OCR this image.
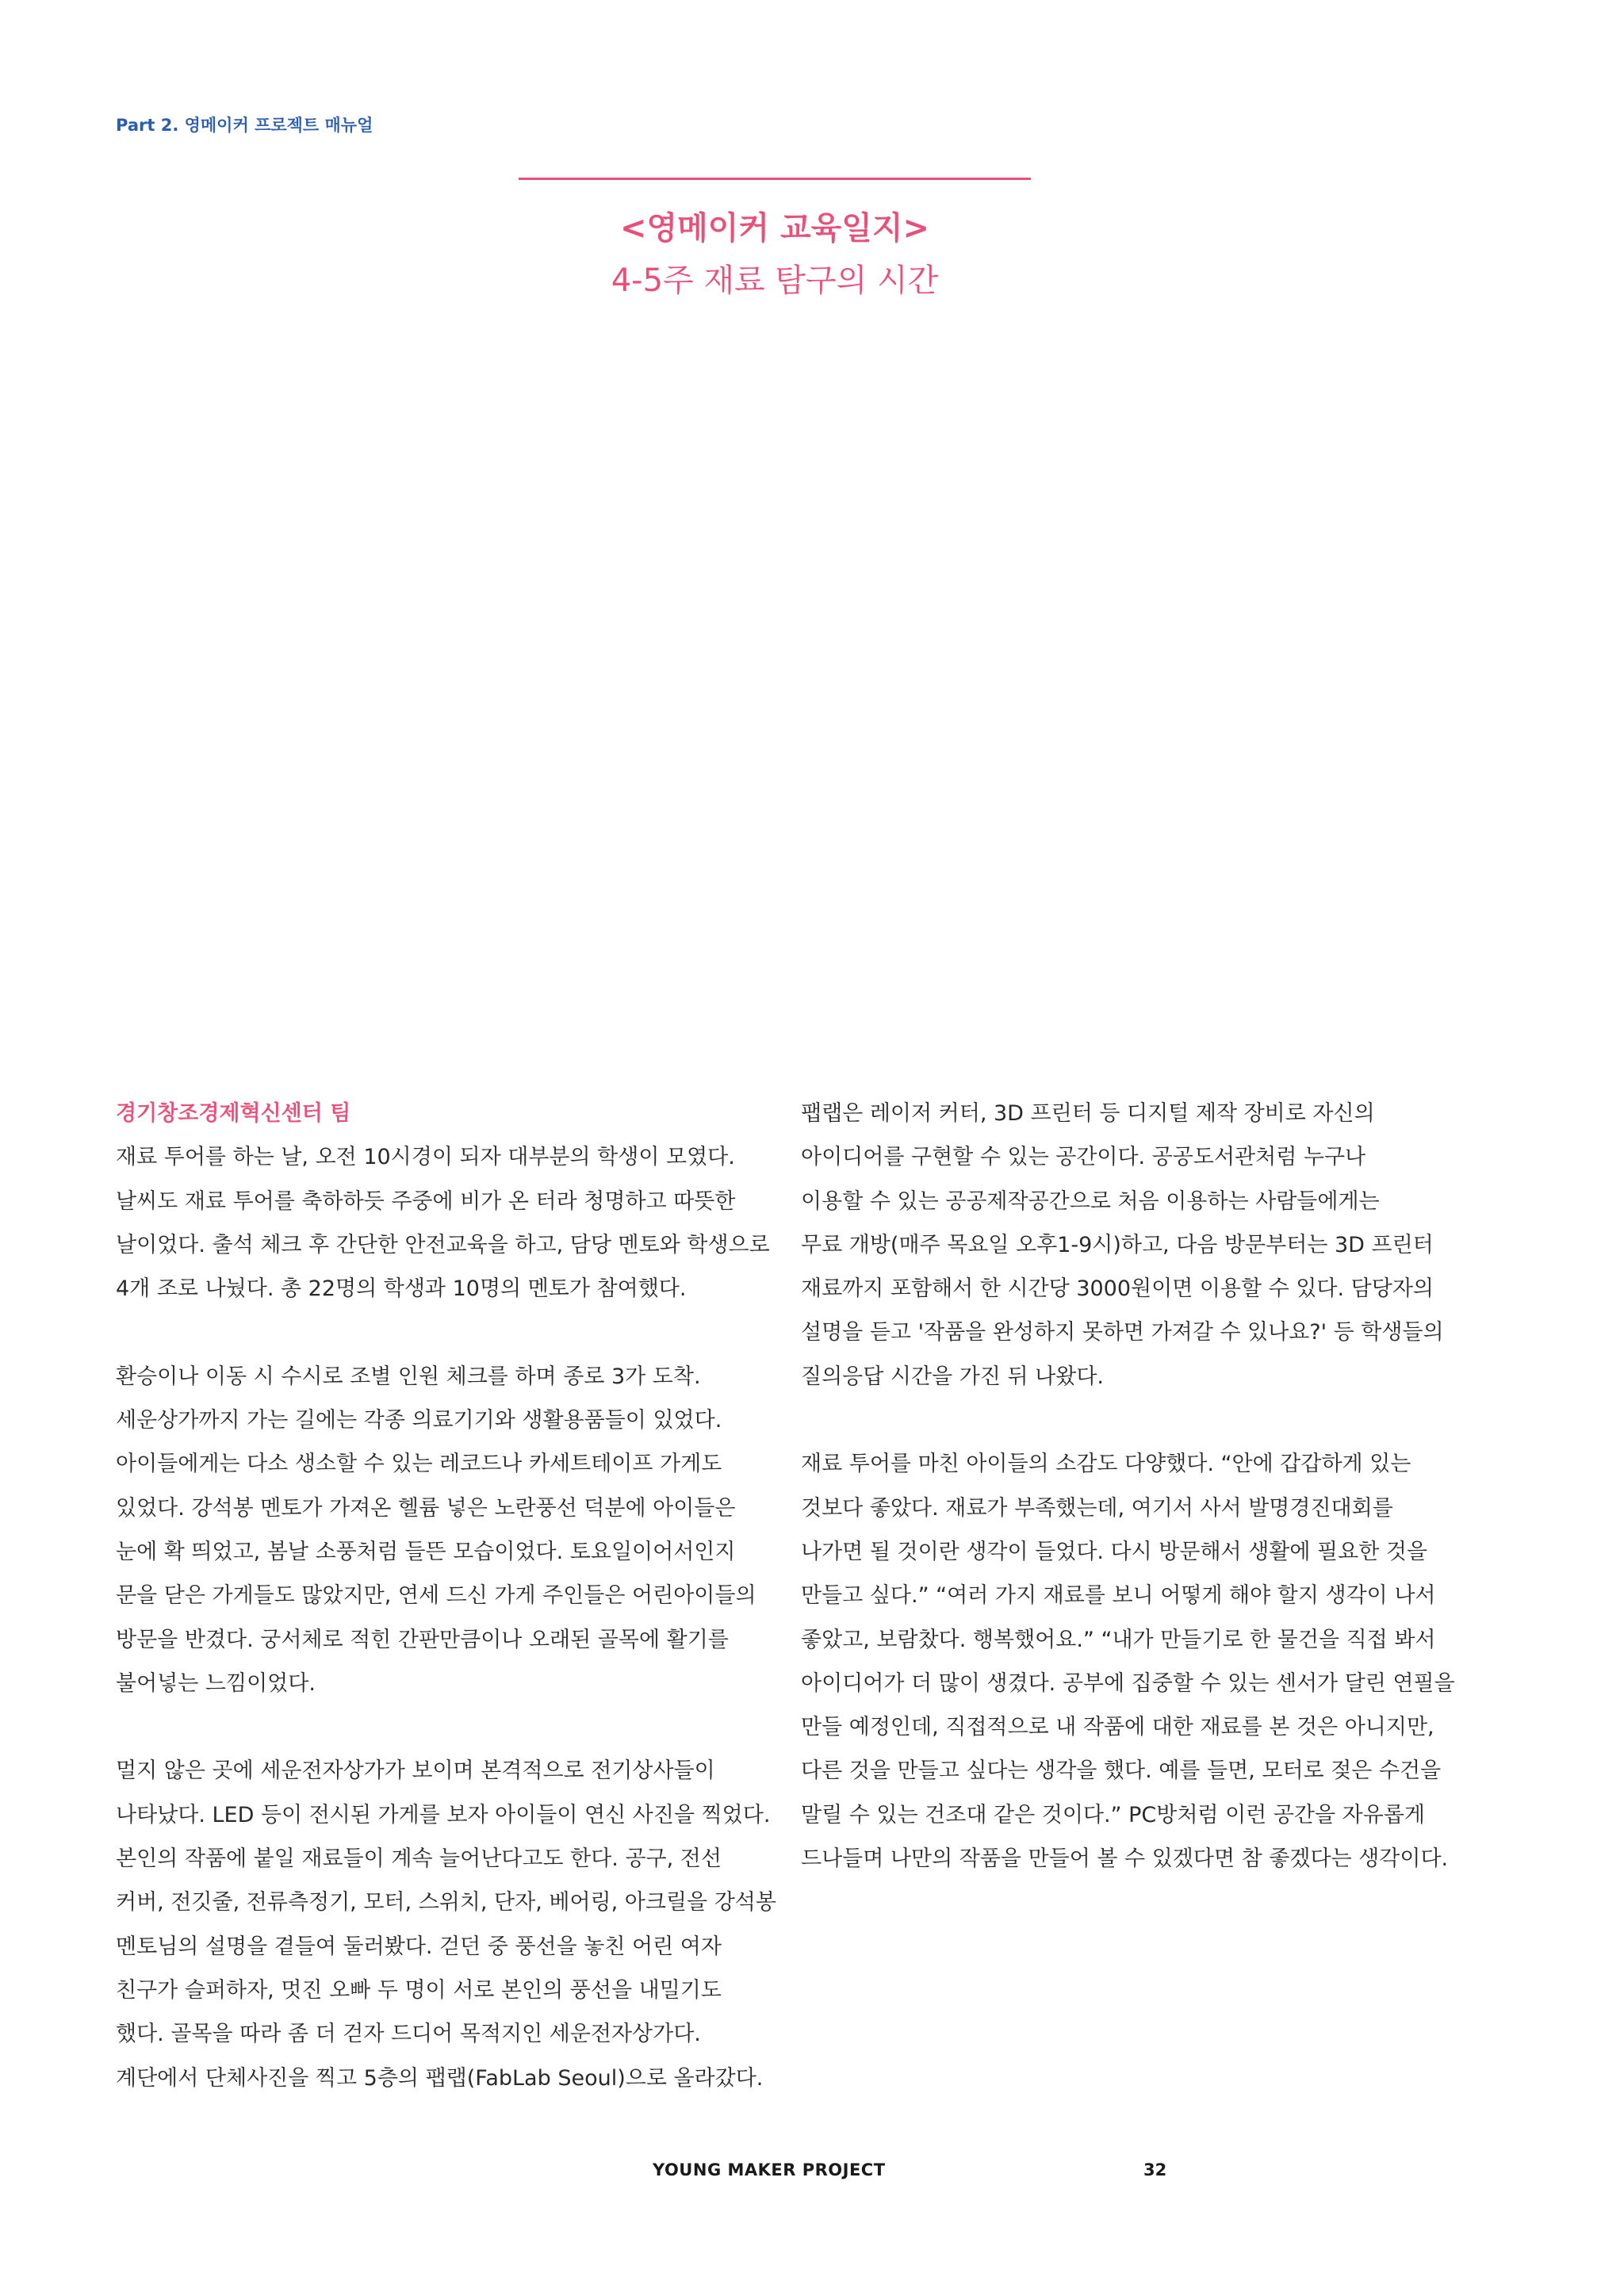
Part 2. 영메이커 프로젝트 매뉴얼
<영메이커 교육일지>
4-5주 재료 탐구의 시간
경기창조경제혁신센터 팀
재료 투어를 하는 날, 오전 10시경이 되자 대부분의 학생이 모였다.
날씨도 재료 투어를 축하하듯 주중에 비가 온 터라 청명하고 따뜻한
날이었다. 출석 체크 후 간단한 안전교육을 하고, 담당 멘토와 학생으로
4개 조로 나눴다. 총 22명의 학생과 10명의 멘토가 참여했다.
환승이나 이동 시 수시로 조별 인원 체크를 하며 종로 3가 도착.
세운상가까지 가는 길에는 각종 의료기기와 생활용품들이 있었다.
아이들에게는 다소 생소할 수 있는 레코드나 카세트테이프 가게도
있었다. 강석봉 멘토가 가져온 헬륨 넣은 노란풍선 덕분에 아이들은
눈에 확 띄었고, 봄날 소풍처럼 들뜬 모습이었다. 토요일이어서인지
문을 닫은 가게들도 많았지만, 연세 드신 가게 주인들은 어린아이들의
방문을 반겼다. 궁서체로 적힌 간판만큼이나 오래된 골목에 활기를
불어넣는 느낌이었다.
멀지 않은 곳에 세운전자상가가 보이며 본격적으로 전기상사들이
나타났다. LED 등이 전시된 가게를 보자 아이들이 연신 사진을 찍었다.
본인의 작품에 붙일 재료들이 계속 늘어난다고도 한다. 공구, 전선
커버, 전깃줄, 전류측정기, 모터, 스위치, 단자, 베어링, 아크릴을 강석봉
멘토님의 설명을 곁들여 둘러봤다. 걷던 중 풍선을 놓친 어린 여자
친구가 슬퍼하자, 멋진 오빠 두 명이 서로 본인의 풍선을 내밀기도
했다. 골목을 따라 좀 더 걷자 드디어 목적지인 세운전자상가다.
계단에서 단체사진을 찍고 5층의 팹랩(FabLab Seoul)으로 올라갔다.
팹랩은 레이저 커터, 3D 프린터 등 디지털 제작 장비로 자신의
아이디어를 구현할 수 있는 공간이다. 공공도서관처럼 누구나
이용할 수 있는 공공제작공간으로 처음 이용하는 사람들에게는
무료 개방(매주 목요일 오후1-9시)하고, 다음 방문부터는 3D 프린터
재료까지 포함해서 한 시간당 3000원이면 이용할 수 있다. 담당자의
설명을 듣고 '작품을 완성하지 못하면 가져갈 수 있나요?' 등 학생들의
질의응답 시간을 가진 뒤 나왔다.
재료 투어를 마친 아이들의 소감도 다양했다. “안에 갑갑하게 있는
것보다 좋았다. 재료가 부족했는데, 여기서 사서 발명경진대회를
나가면 될 것이란 생각이 들었다. 다시 방문해서 생활에 필요한 것을
만들고 싶다.” “여러 가지 재료를 보니 어떻게 해야 할지 생각이 나서
좋았고, 보람찼다. 행복했어요.” “내가 만들기로 한 물건을 직접 봐서
아이디어가 더 많이 생겼다. 공부에 집중할 수 있는 센서가 달린 연필을
만들 예정인데, 직접적으로 내 작품에 대한 재료를 본 것은 아니지만,
다른 것을 만들고 싶다는 생각을 했다. 예를 들면, 모터로 젖은 수건을
말릴 수 있는 건조대 같은 것이다.” PC방처럼 이런 공간을 자유롭게
드나들며 나만의 작품을 만들어 볼 수 있겠다면 참 좋겠다는 생각이다.
YOUNG MAKER PROJECT	32
